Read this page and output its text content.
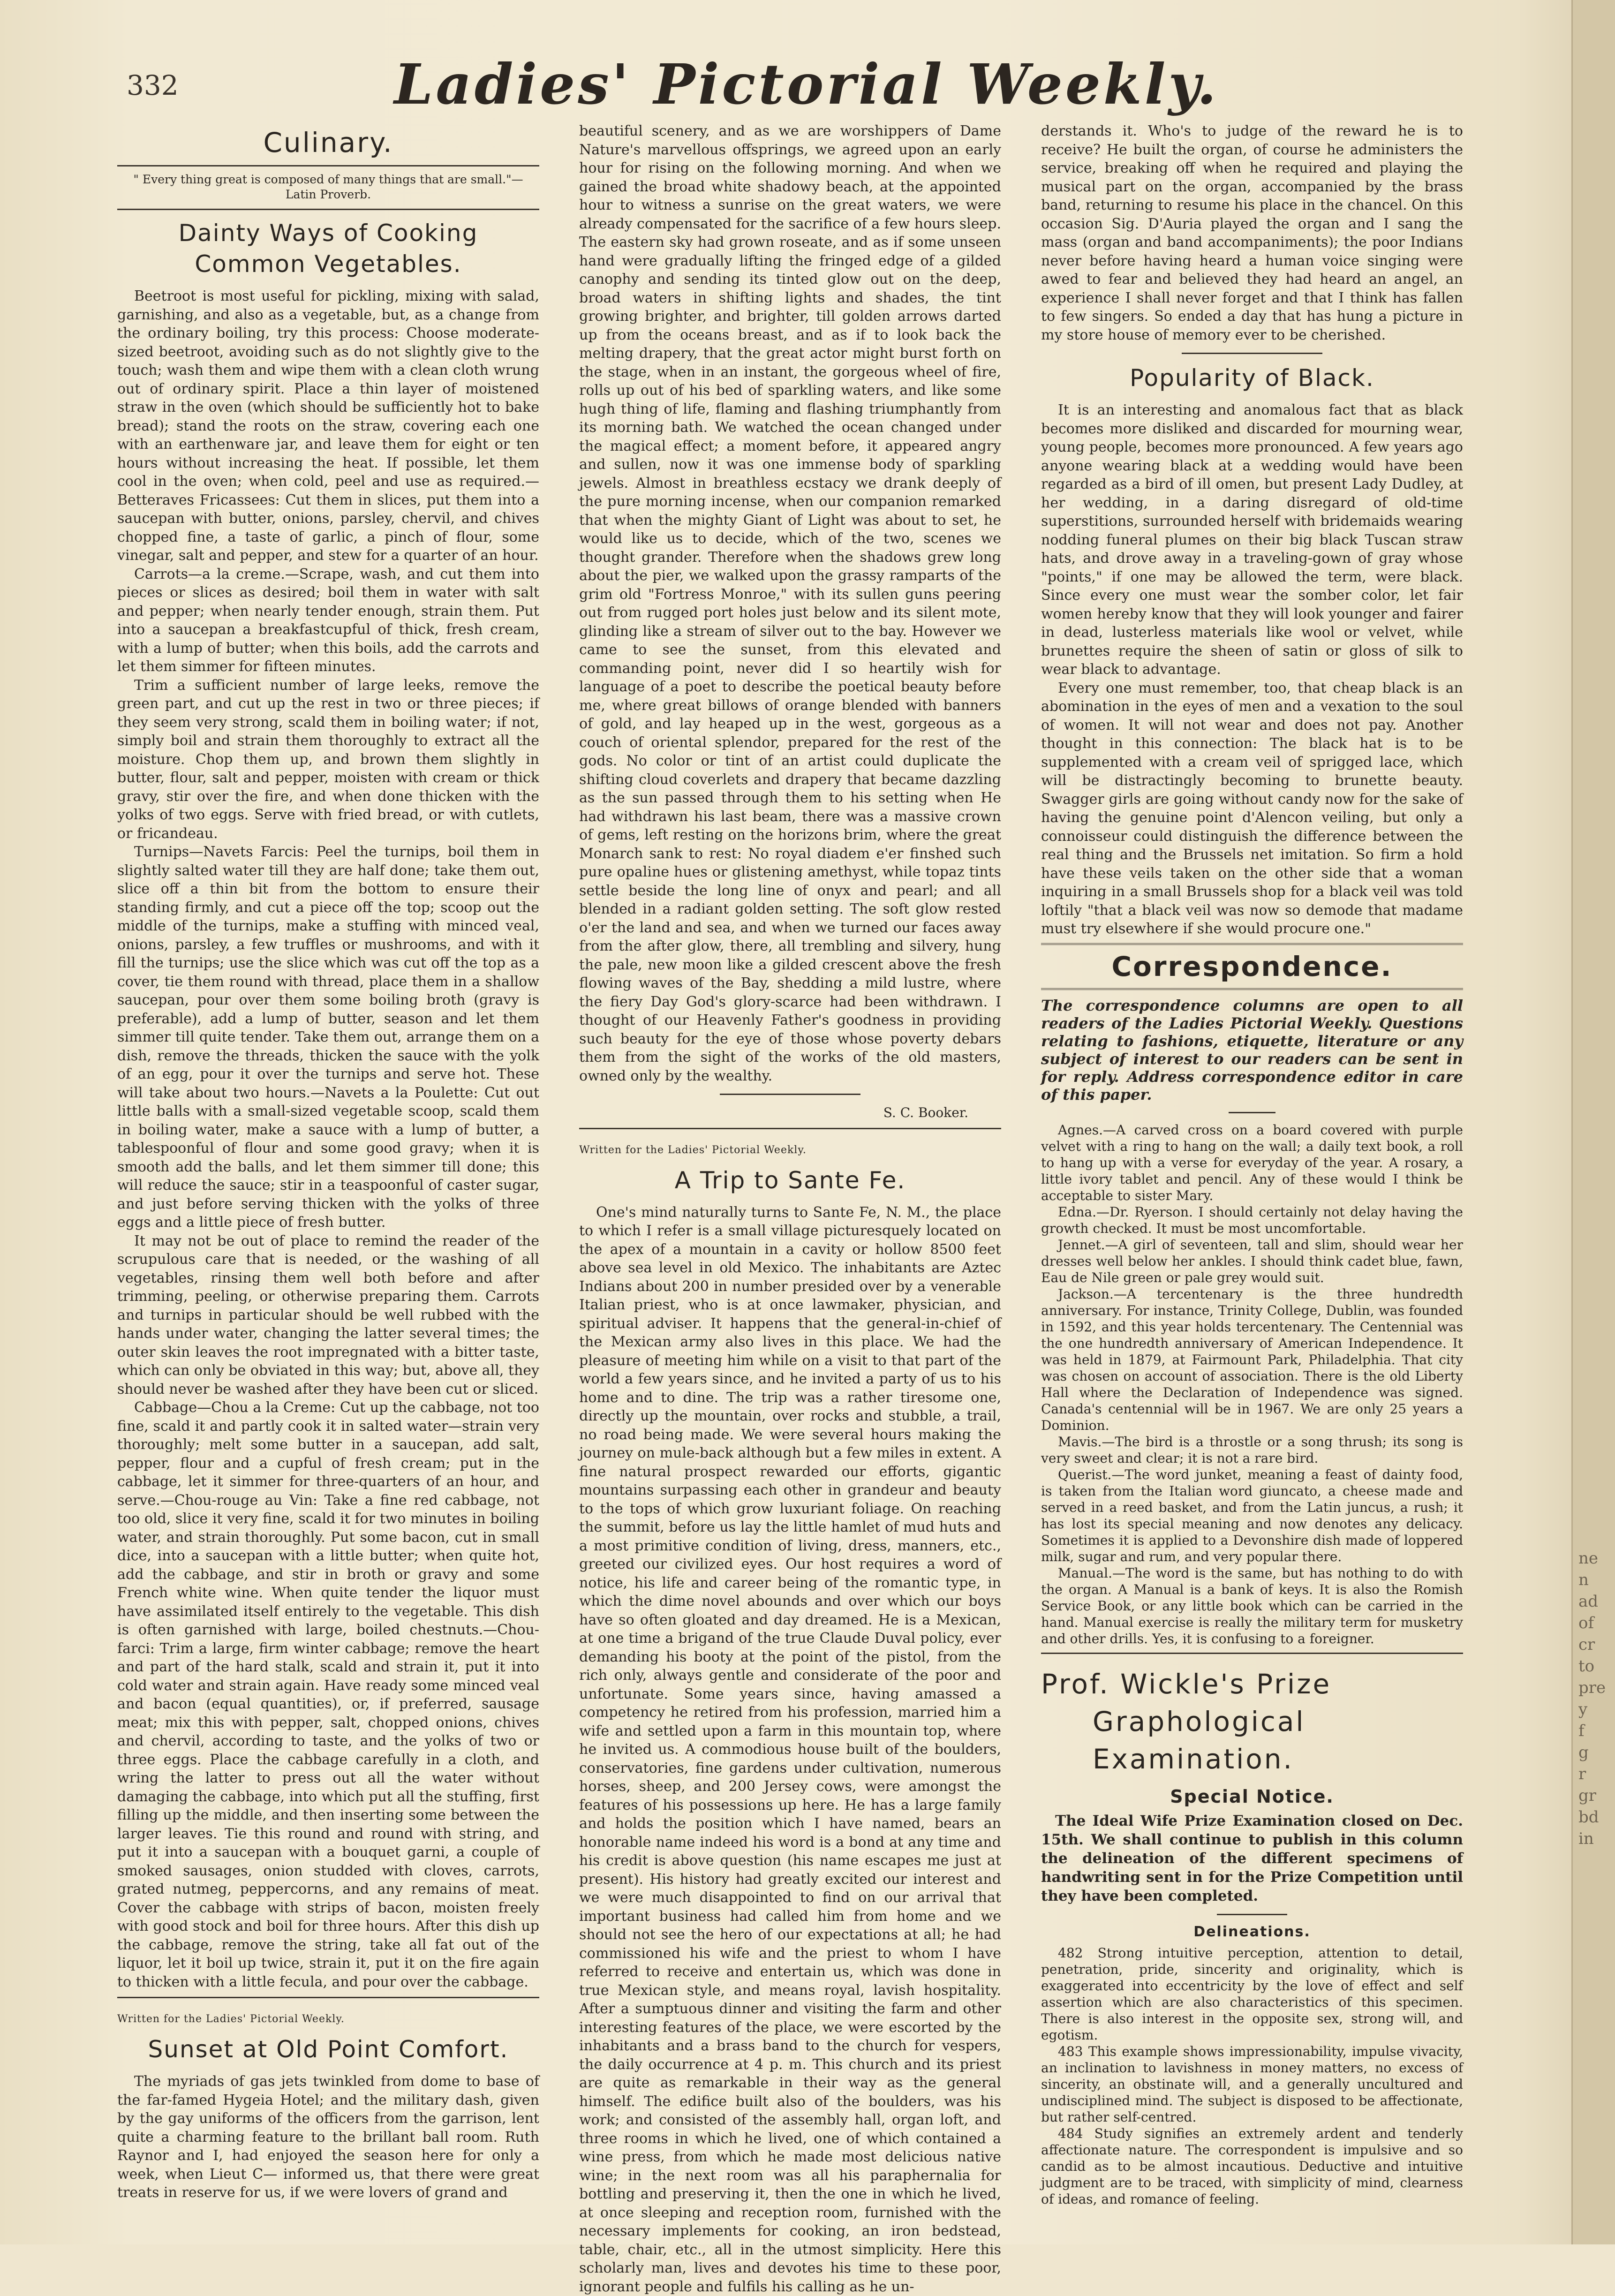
ne
n
ad
of
cr
to
pre
y
f
g
r
gr
bd
in
332	Ladies' Pictorial Weekly.
Culinary.
" Every thing great is composed of many things that are small."—Latin Proverb.
Dainty Ways of Cooking Common Vegetables.

Beetroot is most useful for pickling, mixing with salad, garnishing, and also as a vegetable, but, as a change from the ordinary boiling, try this process: Choose moderate-sized beetroot, avoiding such as do not slightly give to the touch; wash them and wipe them with a clean cloth wrung out of ordinary spirit. Place a thin layer of moistened straw in the oven (which should be sufficiently hot to bake bread); stand the roots on the straw, covering each one with an earthenware jar, and leave them for eight or ten hours without increasing the heat. If possible, let them cool in the oven; when cold, peel and use as required.—Betteraves Fricassees: Cut them in slices, put them into a saucepan with butter, onions, parsley, chervil, and chives chopped fine, a taste of garlic, a pinch of flour, some vinegar, salt and pepper, and stew for a quarter of an hour.

Carrots—a la creme.—Scrape, wash, and cut them into pieces or slices as desired; boil them in water with salt and pepper; when nearly tender enough, strain them. Put into a saucepan a breakfastcupful of thick, fresh cream, with a lump of butter; when this boils, add the carrots and let them simmer for fifteen minutes.

Trim a sufficient number of large leeks, remove the green part, and cut up the rest in two or three pieces; if they seem very strong, scald them in boiling water; if not, simply boil and strain them thoroughly to extract all the moisture. Chop them up, and brown them slightly in butter, flour, salt and pepper, moisten with cream or thick gravy, stir over the fire, and when done thicken with the yolks of two eggs. Serve with fried bread, or with cutlets, or fricandeau.

Turnips—Navets Farcis: Peel the turnips, boil them in slightly salted water till they are half done; take them out, slice off a thin bit from the bottom to ensure their standing firmly, and cut a piece off the top; scoop out the middle of the turnips, make a stuffing with minced veal, onions, parsley, a few truffles or mushrooms, and with it fill the turnips; use the slice which was cut off the top as a cover, tie them round with thread, place them in a shallow saucepan, pour over them some boiling broth (gravy is preferable), add a lump of butter, season and let them simmer till quite tender. Take them out, arrange them on a dish, remove the threads, thicken the sauce with the yolk of an egg, pour it over the turnips and serve hot. These will take about two hours.—Navets a la Poulette: Cut out little balls with a small-sized vegetable scoop, scald them in boiling water, make a sauce with a lump of butter, a tablespoonful of flour and some good gravy; when it is smooth add the balls, and let them simmer till done; this will reduce the sauce; stir in a teaspoonful of caster sugar, and just before serving thicken with the yolks of three eggs and a little piece of fresh butter.

It may not be out of place to remind the reader of the scrupulous care that is needed, or the washing of all vegetables, rinsing them well both before and after trimming, peeling, or otherwise preparing them. Carrots and turnips in particular should be well rubbed with the hands under water, changing the latter several times; the outer skin leaves the root impregnated with a bitter taste, which can only be obviated in this way; but, above all, they should never be washed after they have been cut or sliced.

Cabbage—Chou a la Creme: Cut up the cabbage, not too fine, scald it and partly cook it in salted water—strain very thoroughly; melt some butter in a saucepan, add salt, pepper, flour and a cupful of fresh cream; put in the cabbage, let it simmer for three-quarters of an hour, and serve.—Chou-rouge au Vin: Take a fine red cabbage, not too old, slice it very fine, scald it for two minutes in boiling water, and strain thoroughly. Put some bacon, cut in small dice, into a saucepan with a little butter; when quite hot, add the cabbage, and stir in broth or gravy and some French white wine. When quite tender the liquor must have assimilated itself entirely to the vegetable. This dish is often garnished with large, boiled chestnuts.—Chou-farci: Trim a large, firm winter cabbage; remove the heart and part of the hard stalk, scald and strain it, put it into cold water and strain again. Have ready some minced veal and bacon (equal quantities), or, if preferred, sausage meat; mix this with pepper, salt, chopped onions, chives and chervil, according to taste, and the yolks of two or three eggs. Place the cabbage carefully in a cloth, and wring the latter to press out all the water without damaging the cabbage, into which put all the stuffing, first filling up the middle, and then inserting some between the larger leaves. Tie this round and round with string, and put it into a saucepan with a bouquet garni, a couple of smoked sausages, onion studded with cloves, carrots, grated nutmeg, peppercorns, and any remains of meat. Cover the cabbage with strips of bacon, moisten freely with good stock and boil for three hours. After this dish up the cabbage, remove the string, take all fat out of the liquor, let it boil up twice, strain it, put it on the fire again to thicken with a little fecula, and pour over the cabbage.

Written for the Ladies' Pictorial Weekly.
Sunset at Old Point Comfort.

The myriads of gas jets twinkled from dome to base of the far-famed Hygeia Hotel; and the military dash, given by the gay uniforms of the officers from the garrison, lent quite a charming feature to the brillant ball room. Ruth Raynor and I, had enjoyed the season here for only a week, when Lieut C— informed us, that there were great treats in reserve for us, if we were lovers of grand and

beautiful scenery, and as we are worshippers of Dame Nature's marvellous offsprings, we agreed upon an early hour for rising on the following morning. And when we gained the broad white shadowy beach, at the appointed hour to witness a sunrise on the great waters, we were already compensated for the sacrifice of a few hours sleep. The eastern sky had grown roseate, and as if some unseen hand were gradually lifting the fringed edge of a gilded canophy and sending its tinted glow out on the deep, broad waters in shifting lights and shades, the tint growing brighter, and brighter, till golden arrows darted up from the oceans breast, and as if to look back the melting drapery, that the great actor might burst forth on the stage, when in an instant, the gorgeous wheel of fire, rolls up out of his bed of sparkling waters, and like some hugh thing of life, flaming and flashing triumphantly from its morning bath. We watched the ocean changed under the magical effect; a moment before, it appeared angry and sullen, now it was one immense body of sparkling jewels. Almost in breathless ecstacy we drank deeply of the pure morning incense, when our companion remarked that when the mighty Giant of Light was about to set, he would like us to decide, which of the two, scenes we thought grander. Therefore when the shadows grew long about the pier, we walked upon the grassy ramparts of the grim old "Fortress Monroe," with its sullen guns peering out from rugged port holes just below and its silent mote, glinding like a stream of silver out to the bay. However we came to see the sunset, from this elevated and commanding point, never did I so heartily wish for language of a poet to describe the poetical beauty before me, where great billows of orange blended with banners of gold, and lay heaped up in the west, gorgeous as a couch of oriental splendor, prepared for the rest of the gods. No color or tint of an artist could duplicate the shifting cloud coverlets and drapery that became dazzling as the sun passed through them to his setting when He had withdrawn his last beam, there was a massive crown of gems, left resting on the horizons brim, where the great Monarch sank to rest: No royal diadem e'er finshed such pure opaline hues or glistening amethyst, while topaz tints settle beside the long line of onyx and pearl; and all blended in a radiant golden setting. The soft glow rested o'er the land and sea, and when we turned our faces away from the after glow, there, all trembling and silvery, hung the pale, new moon like a gilded crescent above the fresh flowing waves of the Bay, shedding a mild lustre, where the fiery Day God's glory-scarce had been withdrawn. I thought of our Heavenly Father's goodness in providing such beauty for the eye of those whose poverty debars them from the sight of the works of the old masters, owned only by the wealthy.

S. C. Booker.

Written for the Ladies' Pictorial Weekly.
A Trip to Sante Fe.

One's mind naturally turns to Sante Fe, N. M., the place to which I refer is a small village picturesquely located on the apex of a mountain in a cavity or hollow 8500 feet above sea level in old Mexico. The inhabitants are Aztec Indians about 200 in number presided over by a venerable Italian priest, who is at once lawmaker, physician, and spiritual adviser. It happens that the general-in-chief of the Mexican army also lives in this place. We had the pleasure of meeting him while on a visit to that part of the world a few years since, and he invited a party of us to his home and to dine. The trip was a rather tiresome one, directly up the mountain, over rocks and stubble, a trail, no road being made. We were several hours making the journey on mule-back although but a few miles in extent. A fine natural prospect rewarded our efforts, gigantic mountains surpassing each other in grandeur and beauty to the tops of which grow luxuriant foliage. On reaching the summit, before us lay the little hamlet of mud huts and a most primitive condition of living, dress, manners, etc., greeted our civilized eyes. Our host requires a word of notice, his life and career being of the romantic type, in which the dime novel abounds and over which our boys have so often gloated and day dreamed. He is a Mexican, at one time a brigand of the true Claude Duval policy, ever demanding his booty at the point of the pistol, from the rich only, always gentle and considerate of the poor and unfortunate. Some years since, having amassed a competency he retired from his profession, married him a wife and settled upon a farm in this mountain top, where he invited us. A commodious house built of the boulders, conservatories, fine gardens under cultivation, numerous horses, sheep, and 200 Jersey cows, were amongst the features of his possessions up here. He has a large family and holds the position which I have named, bears an honorable name indeed his word is a bond at any time and his credit is above question (his name escapes me just at present). His history had greatly excited our interest and we were much disappointed to find on our arrival that important business had called him from home and we should not see the hero of our expectations at all; he had commissioned his wife and the priest to whom I have referred to receive and entertain us, which was done in true Mexican style, and means royal, lavish hospitality. After a sumptuous dinner and visiting the farm and other interesting features of the place, we were escorted by the inhabitants and a brass band to the church for vespers, the daily occurrence at 4 p. m. This church and its priest are quite as remarkable in their way as the general himself. The edifice built also of the boulders, was his work; and consisted of the assembly hall, organ loft, and three rooms in which he lived, one of which contained a wine press, from which he made most delicious native wine; in the next room was all his paraphernalia for bottling and preserving it, then the one in which he lived, at once sleeping and reception room, furnished with the necessary implements for cooking, an iron bedstead, table, chair, etc., all in the utmost simplicity. Here this scholarly man, lives and devotes his time to these poor, ignorant people and fulfils his calling as he un-

derstands it. Who's to judge of the reward he is to receive? He built the organ, of course he administers the service, breaking off when he required and playing the musical part on the organ, accompanied by the brass band, returning to resume his place in the chancel. On this occasion Sig. D'Auria played the organ and I sang the mass (organ and band accompaniments); the poor Indians never before having heard a human voice singing were awed to fear and believed they had heard an angel, an experience I shall never forget and that I think has fallen to few singers. So ended a day that has hung a picture in my store house of memory ever to be cherished.

Popularity of Black.

It is an interesting and anomalous fact that as black becomes more disliked and discarded for mourning wear, young people, becomes more pronounced. A few years ago anyone wearing black at a wedding would have been regarded as a bird of ill omen, but present Lady Dudley, at her wedding, in a daring disregard of old-time superstitions, surrounded herself with bridemaids wearing nodding funeral plumes on their big black Tuscan straw hats, and drove away in a traveling-gown of gray whose "points," if one may be allowed the term, were black. Since every one must wear the somber color, let fair women hereby know that they will look younger and fairer in dead, lusterless materials like wool or velvet, while brunettes require the sheen of satin or gloss of silk to wear black to advantage.

Every one must remember, too, that cheap black is an abomination in the eyes of men and a vexation to the soul of women. It will not wear and does not pay. Another thought in this connection: The black hat is to be supplemented with a cream veil of sprigged lace, which will be distractingly becoming to brunette beauty. Swagger girls are going without candy now for the sake of having the genuine point d'Alencon veiling, but only a connoisseur could distinguish the difference between the real thing and the Brussels net imitation. So firm a hold have these veils taken on the other side that a woman inquiring in a small Brussels shop for a black veil was told loftily "that a black veil was now so demode that madame must try elsewhere if she would procure one."

Correspondence.

The correspondence columns are open to all readers of the Ladies Pictorial Weekly. Questions relating to fashions, etiquette, literature or any subject of interest to our readers can be sent in for reply. Address correspondence editor in care of this paper.

Agnes.—A carved cross on a board covered with purple velvet with a ring to hang on the wall; a daily text book, a roll to hang up with a verse for everyday of the year. A rosary, a little ivory tablet and pencil. Any of these would I think be acceptable to sister Mary.

Edna.—Dr. Ryerson. I should certainly not delay having the growth checked. It must be most uncomfortable.

Jennet.—A girl of seventeen, tall and slim, should wear her dresses well below her ankles. I should think cadet blue, fawn, Eau de Nile green or pale grey would suit.

Jackson.—A tercentenary is the three hundredth anniversary. For instance, Trinity College, Dublin, was founded in 1592, and this year holds tercentenary. The Centennial was the one hundredth anniversary of American Independence. It was held in 1879, at Fairmount Park, Philadelphia. That city was chosen on account of association. There is the old Liberty Hall where the Declaration of Independence was signed. Canada's centennial will be in 1967. We are only 25 years a Dominion.

Mavis.—The bird is a throstle or a song thrush; its song is very sweet and clear; it is not a rare bird.

Querist.—The word junket, meaning a feast of dainty food, is taken from the Italian word giuncato, a cheese made and served in a reed basket, and from the Latin juncus, a rush; it has lost its special meaning and now denotes any delicacy. Sometimes it is applied to a Devonshire dish made of loppered milk, sugar and rum, and very popular there.

Manual.—The word is the same, but has nothing to do with the organ. A Manual is a bank of keys. It is also the Romish Service Book, or any little book which can be carried in the hand. Manual exercise is really the military term for musketry and other drills. Yes, it is confusing to a foreigner.

Prof. Wickle's Prize
Graphological Examination.
Special Notice.

The Ideal Wife Prize Examination closed on Dec. 15th. We shall continue to publish in this column the delineation of the different specimens of handwriting sent in for the Prize Competition until they have been completed.

Delineations.

482 Strong intuitive perception, attention to detail, penetration, pride, sincerity and originality, which is exaggerated into eccentricity by the love of effect and self assertion which are also characteristics of this specimen. There is also interest in the opposite sex, strong will, and egotism.

483 This example shows impressionability, impulse vivacity, an inclination to lavishness in money matters, no excess of sincerity, an obstinate will, and a generally uncultured and undisciplined mind. The subject is disposed to be affectionate, but rather self-centred.

484 Study signifies an extremely ardent and tenderly affectionate nature. The correspondent is impulsive and so candid as to be almost incautious. Deductive and intuitive judgment are to be traced, with simplicity of mind, clearness of ideas, and romance of feeling.
